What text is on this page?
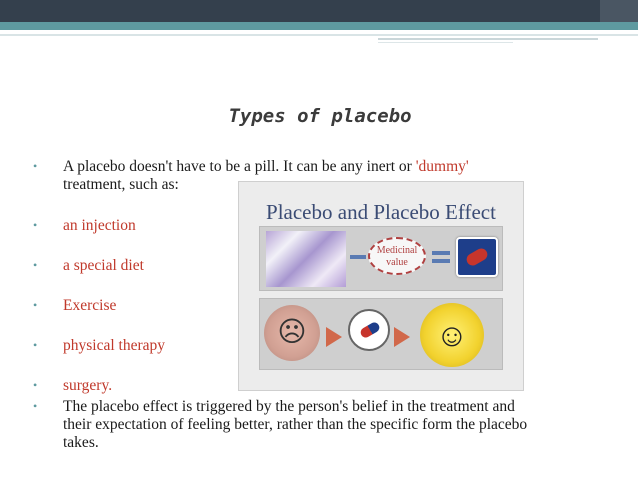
Types of placebo
• A placebo doesn't have to be a pill. It can be any inert or 'dummy'
treatment, such as:
• an injection
• a special diet
• Exercise
• physical therapy
• surgery.
• The placebo effect is triggered by the person's belief in the treatment and
their expectation of feeling better, rather than the specific form the placebo
takes.
Placebo and Placebo Effect
Medicinal
value
☹	☺
